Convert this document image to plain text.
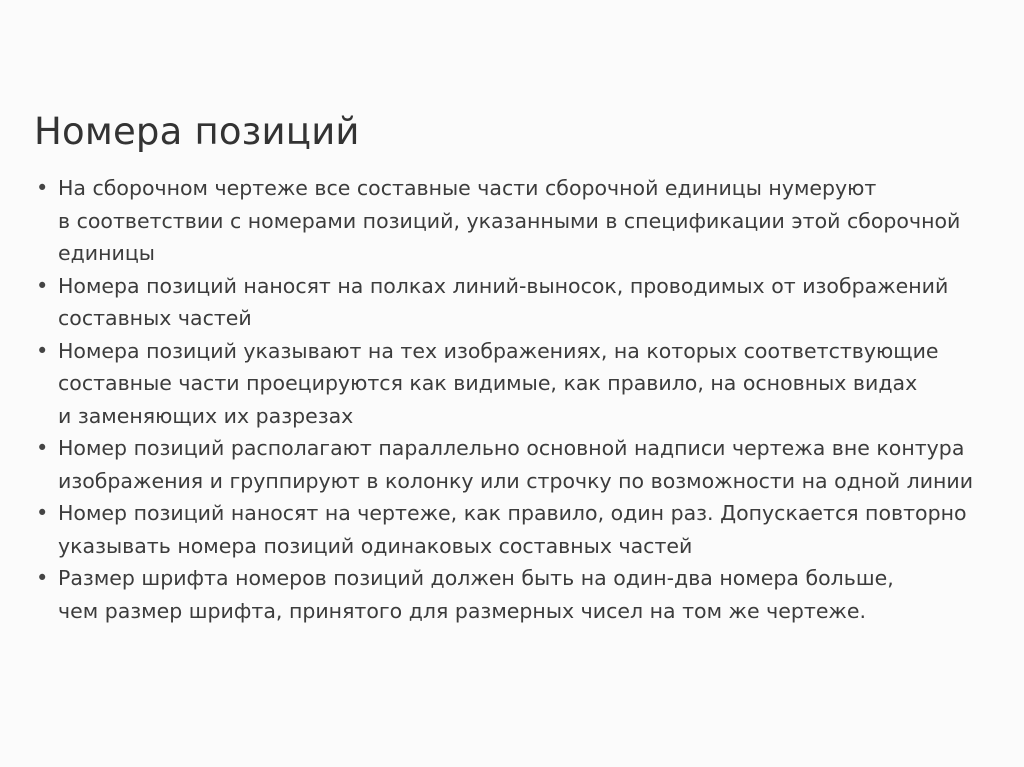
Номера позиций
• На сборочном чертеже все составные части сборочной единицы нумеруют
в соответствии с номерами позиций, указанными в спецификации этой сборочной
единицы
• Номера позиций наносят на полках линий-выносок, проводимых от изображений
составных частей
• Номера позиций указывают на тех изображениях, на которых соответствующие
составные части проецируются как видимые, как правило, на основных видах
и заменяющих их разрезах
• Номер позиций располагают параллельно основной надписи чертежа вне контура
изображения и группируют в колонку или строчку по возможности на одной линии
• Номер позиций наносят на чертеже, как правило, один раз. Допускается повторно
указывать номера позиций одинаковых составных частей
• Размер шрифта номеров позиций должен быть на один-два номера больше,
чем размер шрифта, принятого для размерных чисел на том же чертеже.
